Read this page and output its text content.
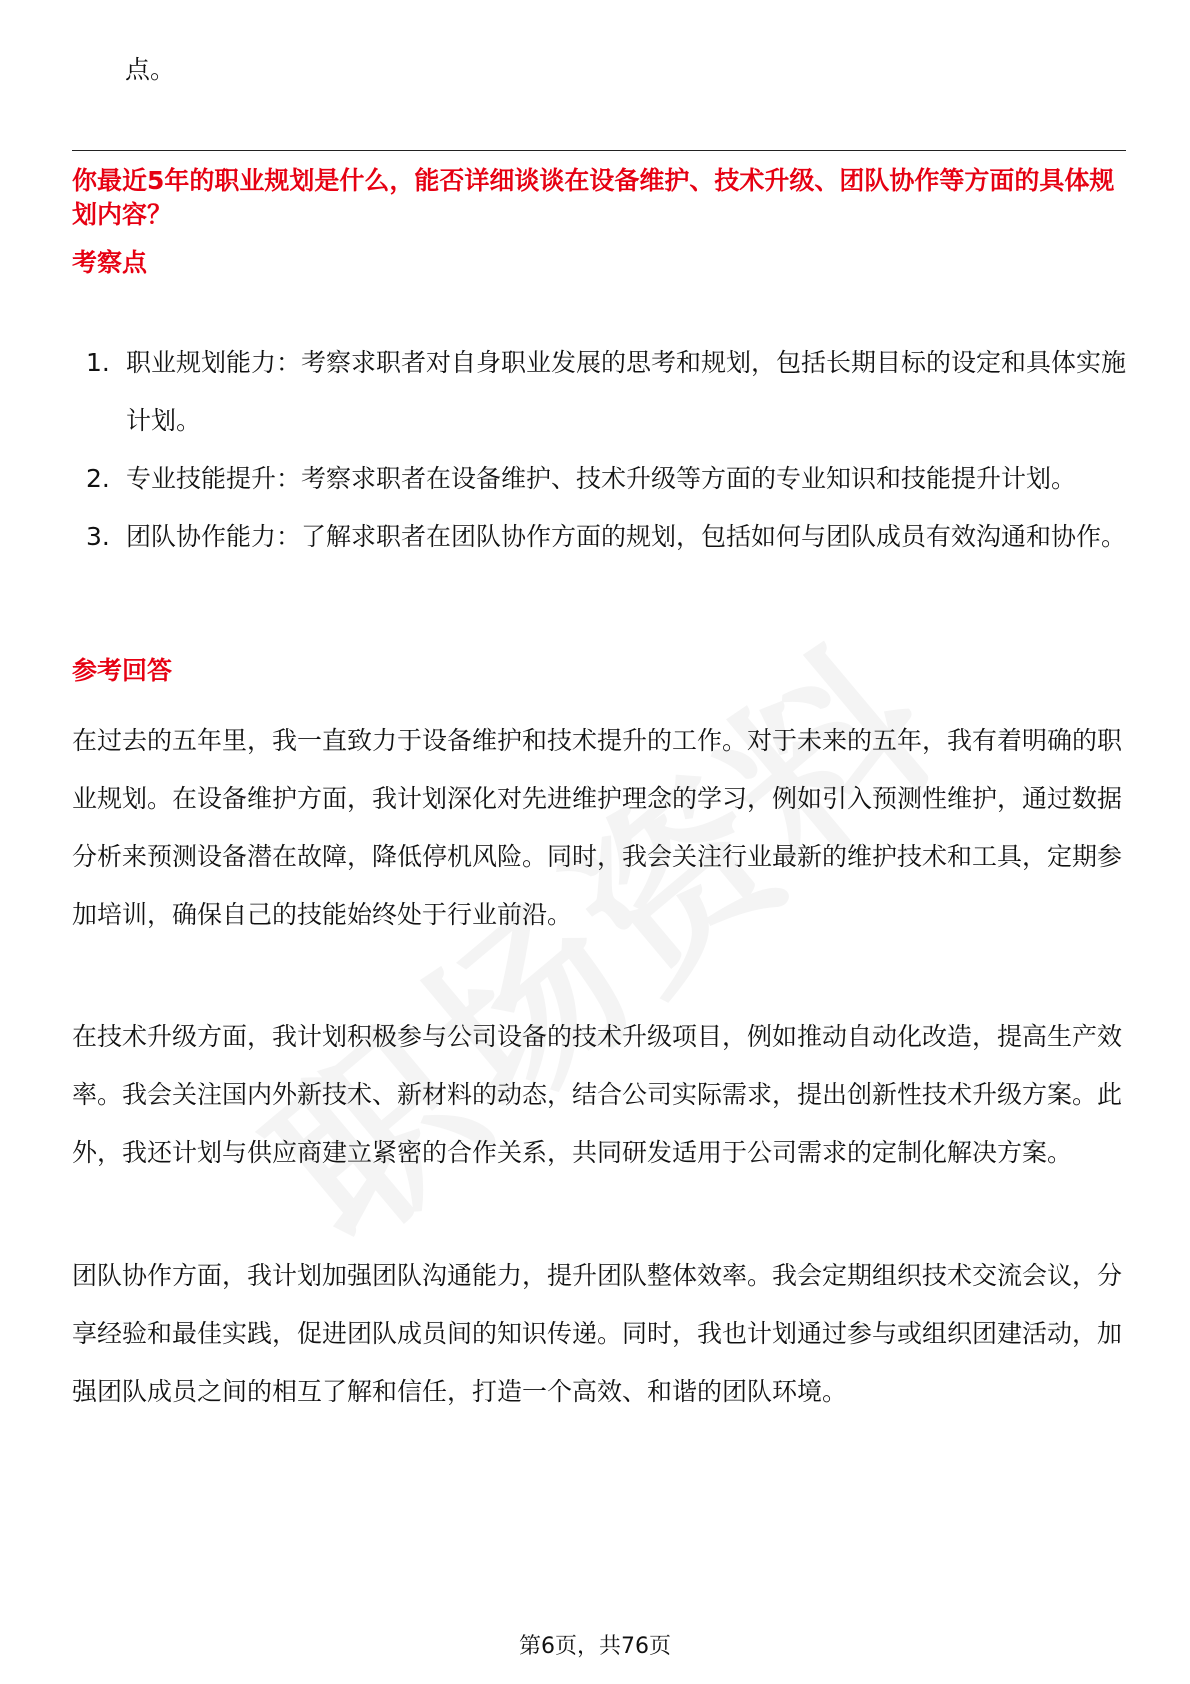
点。
你最近5年的职业规划是什么，能否详细谈谈在设备维护、技术升级、团队协作等方面的具体规划内容？
考察点
1. 职业规划能力：考察求职者对自身职业发展的思考和规划，包括长期目标的设定和具体实施计划。
2. 专业技能提升：考察求职者在设备维护、技术升级等方面的专业知识和技能提升计划。
3. 团队协作能力：了解求职者在团队协作方面的规划，包括如何与团队成员有效沟通和协作。
参考回答

在过去的五年里，我一直致力于设备维护和技术提升的工作。对于未来的五年，我有着明确的职业规划。在设备维护方面，我计划深化对先进维护理念的学习，例如引入预测性维护，通过数据分析来预测设备潜在故障，降低停机风险。同时，我会关注行业最新的维护技术和工具，定期参加培训，确保自己的技能始终处于行业前沿。

在技术升级方面，我计划积极参与公司设备的技术升级项目，例如推动自动化改造，提高生产效率。我会关注国内外新技术、新材料的动态，结合公司实际需求，提出创新性技术升级方案。此外，我还计划与供应商建立紧密的合作关系，共同研发适用于公司需求的定制化解决方案。

团队协作方面，我计划加强团队沟通能力，提升团队整体效率。我会定期组织技术交流会议，分享经验和最佳实践，促进团队成员间的知识传递。同时，我也计划通过参与或组织团建活动，加强团队成员之间的相互了解和信任，打造一个高效、和谐的团队环境。

第6页，共76页
